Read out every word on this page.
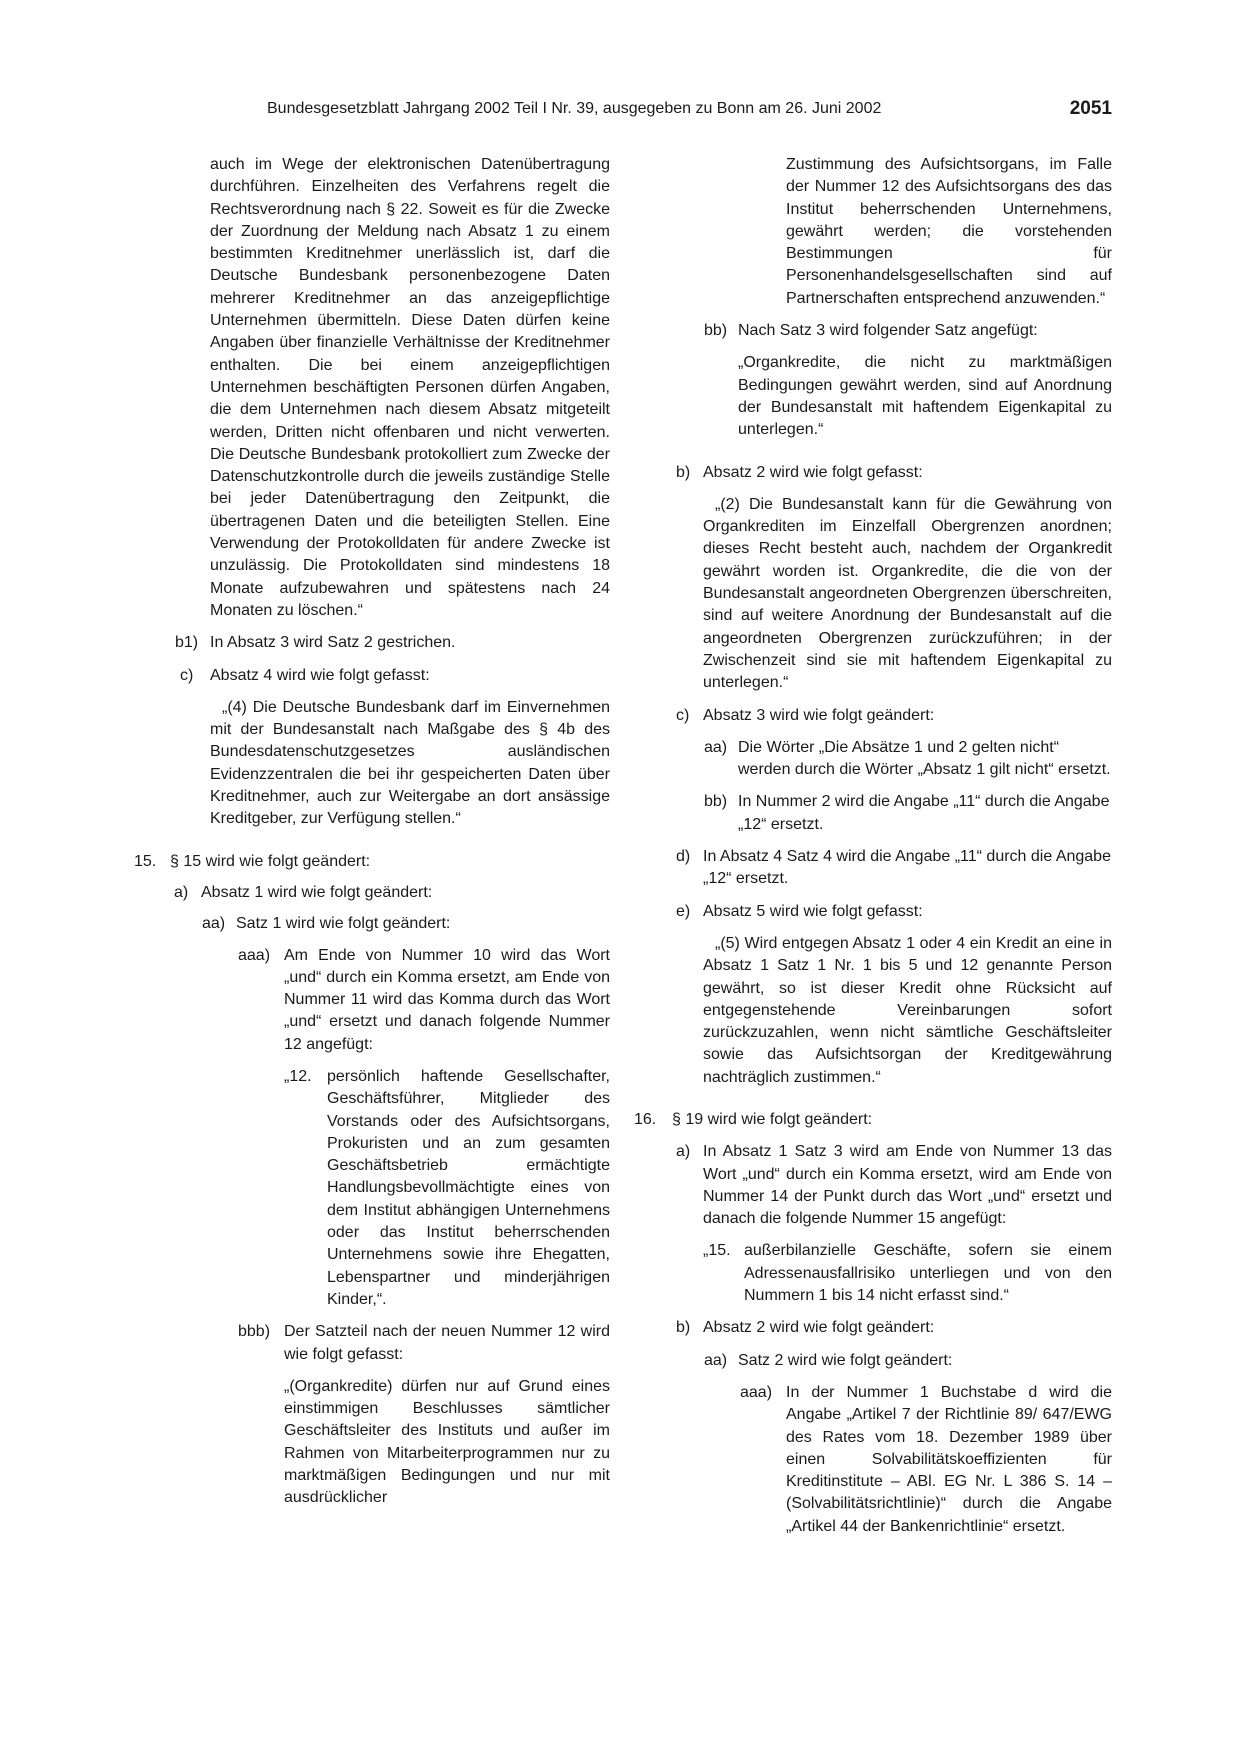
Bundesgesetzblatt Jahrgang 2002 Teil I Nr. 39, ausgegeben zu Bonn am 26. Juni 2002	2051

auch im Wege der elektronischen Datenübertragung durchführen. Einzelheiten des Verfahrens regelt die Rechtsverordnung nach § 22. Soweit es für die Zwecke der Zuordnung der Meldung nach Absatz 1 zu einem bestimmten Kreditnehmer unerlässlich ist, darf die Deutsche Bundesbank personenbezogene Daten mehrerer Kreditnehmer an das anzeigepflichtige Unternehmen übermitteln. Diese Daten dürfen keine Angaben über finanzielle Verhältnisse der Kreditnehmer enthalten. Die bei einem anzeigepflichtigen Unternehmen beschäftigten Personen dürfen Angaben, die dem Unternehmen nach diesem Absatz mitgeteilt werden, Dritten nicht offenbaren und nicht verwerten. Die Deutsche Bundesbank protokolliert zum Zwecke der Datenschutzkontrolle durch die jeweils zuständige Stelle bei jeder Datenübertragung den Zeitpunkt, die übertragenen Daten und die beteiligten Stellen. Eine Verwendung der Protokolldaten für andere Zwecke ist unzulässig. Die Protokolldaten sind mindestens 18 Monate aufzubewahren und spätestens nach 24 Monaten zu löschen.“

b1) In Absatz 3 wird Satz 2 gestrichen.

c) Absatz 4 wird wie folgt gefasst:

„(4) Die Deutsche Bundesbank darf im Einvernehmen mit der Bundesanstalt nach Maßgabe des § 4b des Bundesdatenschutzgesetzes ausländischen Evidenzzentralen die bei ihr gespeicherten Daten über Kreditnehmer, auch zur Weitergabe an dort ansässige Kreditgeber, zur Verfügung stellen.“

15. § 15 wird wie folgt geändert:

a) Absatz 1 wird wie folgt geändert:

aa) Satz 1 wird wie folgt geändert:

aaa) Am Ende von Nummer 10 wird das Wort „und“ durch ein Komma ersetzt, am Ende von Nummer 11 wird das Komma durch das Wort „und“ ersetzt und danach folgende Nummer 12 angefügt:

„12. persönlich haftende Gesellschafter, Geschäftsführer, Mitglieder des Vorstands oder des Aufsichtsorgans, Prokuristen und an zum gesamten Geschäftsbetrieb ermächtigte Handlungsbevollmächtigte eines von dem Institut abhängigen Unternehmens oder das Institut beherrschenden Unternehmens sowie ihre Ehegatten, Lebenspartner und minderjährigen Kinder,“.

bbb) Der Satzteil nach der neuen Nummer 12 wird wie folgt gefasst:

„(Organkredite) dürfen nur auf Grund eines einstimmigen Beschlusses sämtlicher Geschäftsleiter des Instituts und außer im Rahmen von Mitarbeiterprogrammen nur zu marktmäßigen Bedingungen und nur mit ausdrücklicher

Zustimmung des Aufsichtsorgans, im Falle der Nummer 12 des Aufsichtsorgans des das Institut beherrschenden Unternehmens, gewährt werden; die vorstehenden Bestimmungen für Personenhandelsgesellschaften sind auf Partnerschaften entsprechend anzuwenden.“

bb) Nach Satz 3 wird folgender Satz angefügt:

„Organkredite, die nicht zu marktmäßigen Bedingungen gewährt werden, sind auf Anordnung der Bundesanstalt mit haftendem Eigenkapital zu unterlegen.“

b) Absatz 2 wird wie folgt gefasst:

„(2) Die Bundesanstalt kann für die Gewährung von Organkrediten im Einzelfall Obergrenzen anordnen; dieses Recht besteht auch, nachdem der Organkredit gewährt worden ist. Organkredite, die die von der Bundesanstalt angeordneten Obergrenzen überschreiten, sind auf weitere Anordnung der Bundesanstalt auf die angeordneten Obergrenzen zurückzuführen; in der Zwischenzeit sind sie mit haftendem Eigenkapital zu unterlegen.“

c) Absatz 3 wird wie folgt geändert:

aa) Die Wörter „Die Absätze 1 und 2 gelten nicht“ werden durch die Wörter „Absatz 1 gilt nicht“ ersetzt.

bb) In Nummer 2 wird die Angabe „11“ durch die Angabe „12“ ersetzt.

d) In Absatz 4 Satz 4 wird die Angabe „11“ durch die Angabe „12“ ersetzt.

e) Absatz 5 wird wie folgt gefasst:

„(5) Wird entgegen Absatz 1 oder 4 ein Kredit an eine in Absatz 1 Satz 1 Nr. 1 bis 5 und 12 genannte Person gewährt, so ist dieser Kredit ohne Rücksicht auf entgegenstehende Vereinbarungen sofort zurückzuzahlen, wenn nicht sämtliche Geschäftsleiter sowie das Aufsichtsorgan der Kreditgewährung nachträglich zustimmen.“

16. § 19 wird wie folgt geändert:

a) In Absatz 1 Satz 3 wird am Ende von Nummer 13 das Wort „und“ durch ein Komma ersetzt, wird am Ende von Nummer 14 der Punkt durch das Wort „und“ ersetzt und danach die folgende Nummer 15 angefügt:

„15. außerbilanzielle Geschäfte, sofern sie einem Adressenausfallrisiko unterliegen und von den Nummern 1 bis 14 nicht erfasst sind.“

b) Absatz 2 wird wie folgt geändert:

aa) Satz 2 wird wie folgt geändert:

aaa) In der Nummer 1 Buchstabe d wird die Angabe „Artikel 7 der Richtlinie 89/ 647/EWG des Rates vom 18. Dezember 1989 über einen Solvabilitätskoeffizienten für Kreditinstitute – ABl. EG Nr. L 386 S. 14 – (Solvabilitätsrichtlinie)“ durch die Angabe „Artikel 44 der Bankenrichtlinie“ ersetzt.
